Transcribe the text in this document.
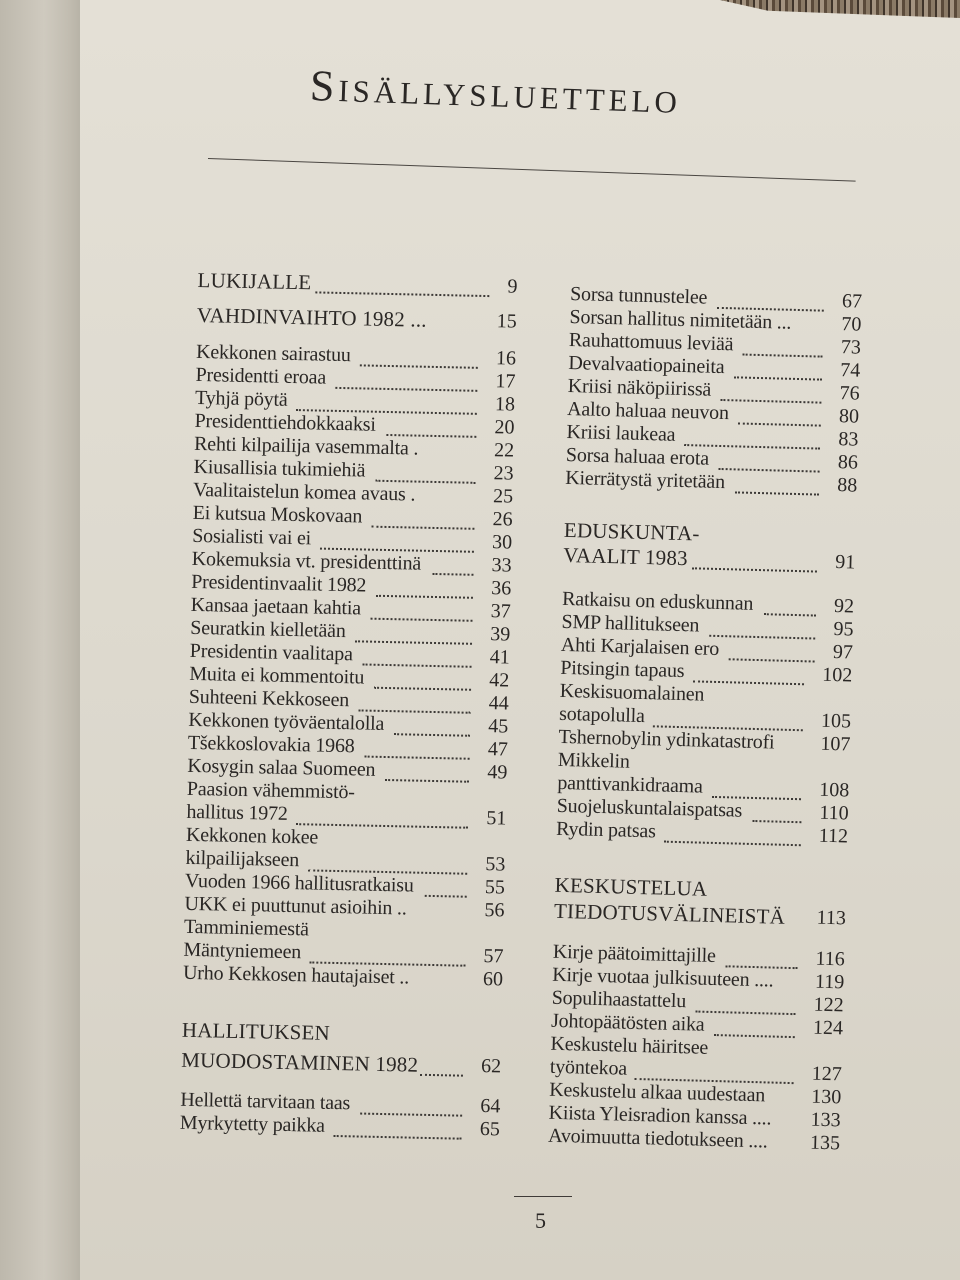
Sisällysluettelo
LUKIJALLE	9
VAHDINVAIHTO 1982 ...	15
Kekkonen sairastuu	16
Presidentti eroaa	17
Tyhjä pöytä	18
Presidenttiehdokkaaksi	20
Rehti kilpailija vasemmalta .	22
Kiusallisia tukimiehiä	23
Vaalitaistelun komea avaus .	25
Ei kutsua Moskovaan	26
Sosialisti vai ei	30
Kokemuksia vt. presidenttinä	33
Presidentinvaalit 1982	36
Kansaa jaetaan kahtia	37
Seuratkin kielletään	39
Presidentin vaalitapa	41
Muita ei kommentoitu	42
Suhteeni Kekkoseen	44
Kekkonen työväentalolla	45
Tšekkoslovakia 1968	47
Kosygin salaa Suomeen	49
Paasion vähemmistö-
hallitus 1972	51
Kekkonen kokee
kilpailijakseen	53
Vuoden 1966 hallitusratkaisu	55
UKK ei puuttunut asioihin ..	56
Tamminiemestä
Mäntyniemeen	57
Urho Kekkosen hautajaiset ..	60
HALLITUKSEN
MUODOSTAMINEN 1982	62
Hellettä tarvitaan taas	64
Myrkytetty paikka	65
Sorsa tunnustelee	67
Sorsan hallitus nimitetään ... 70
Rauhattomuus leviää	73
Devalvaatiopaineita	74
Kriisi näköpiirissä	76
Aalto haluaa neuvon	80
Kriisi laukeaa	83
Sorsa haluaa erota	86
Kierrätystä yritetään	88
EDUSKUNTA-
VAALIT 1983	91
Ratkaisu on eduskunnan	92
SMP hallitukseen	95
Ahti Karjalaisen ero	97
Pitsingin tapaus	102
Keskisuomalainen
sotapolulla	105
Tshernobylin ydinkatastrofi 107
Mikkelin
panttivankidraama	108
Suojeluskuntalaispatsas	110
Rydin patsas	112
KESKUSTELUA
TIEDOTUSVÄLINEISTÄ 113
Kirje päätoimittajille	116
Kirje vuotaa julkisuuteen .... 119
Sopulihaastattelu	122
Johtopäätösten aika	124
Keskustelu häiritsee
työntekoa	127
Keskustelu alkaa uudestaan 130
Kiista Yleisradion kanssa .... 133
Avoimuutta tiedotukseen .... 135
5
